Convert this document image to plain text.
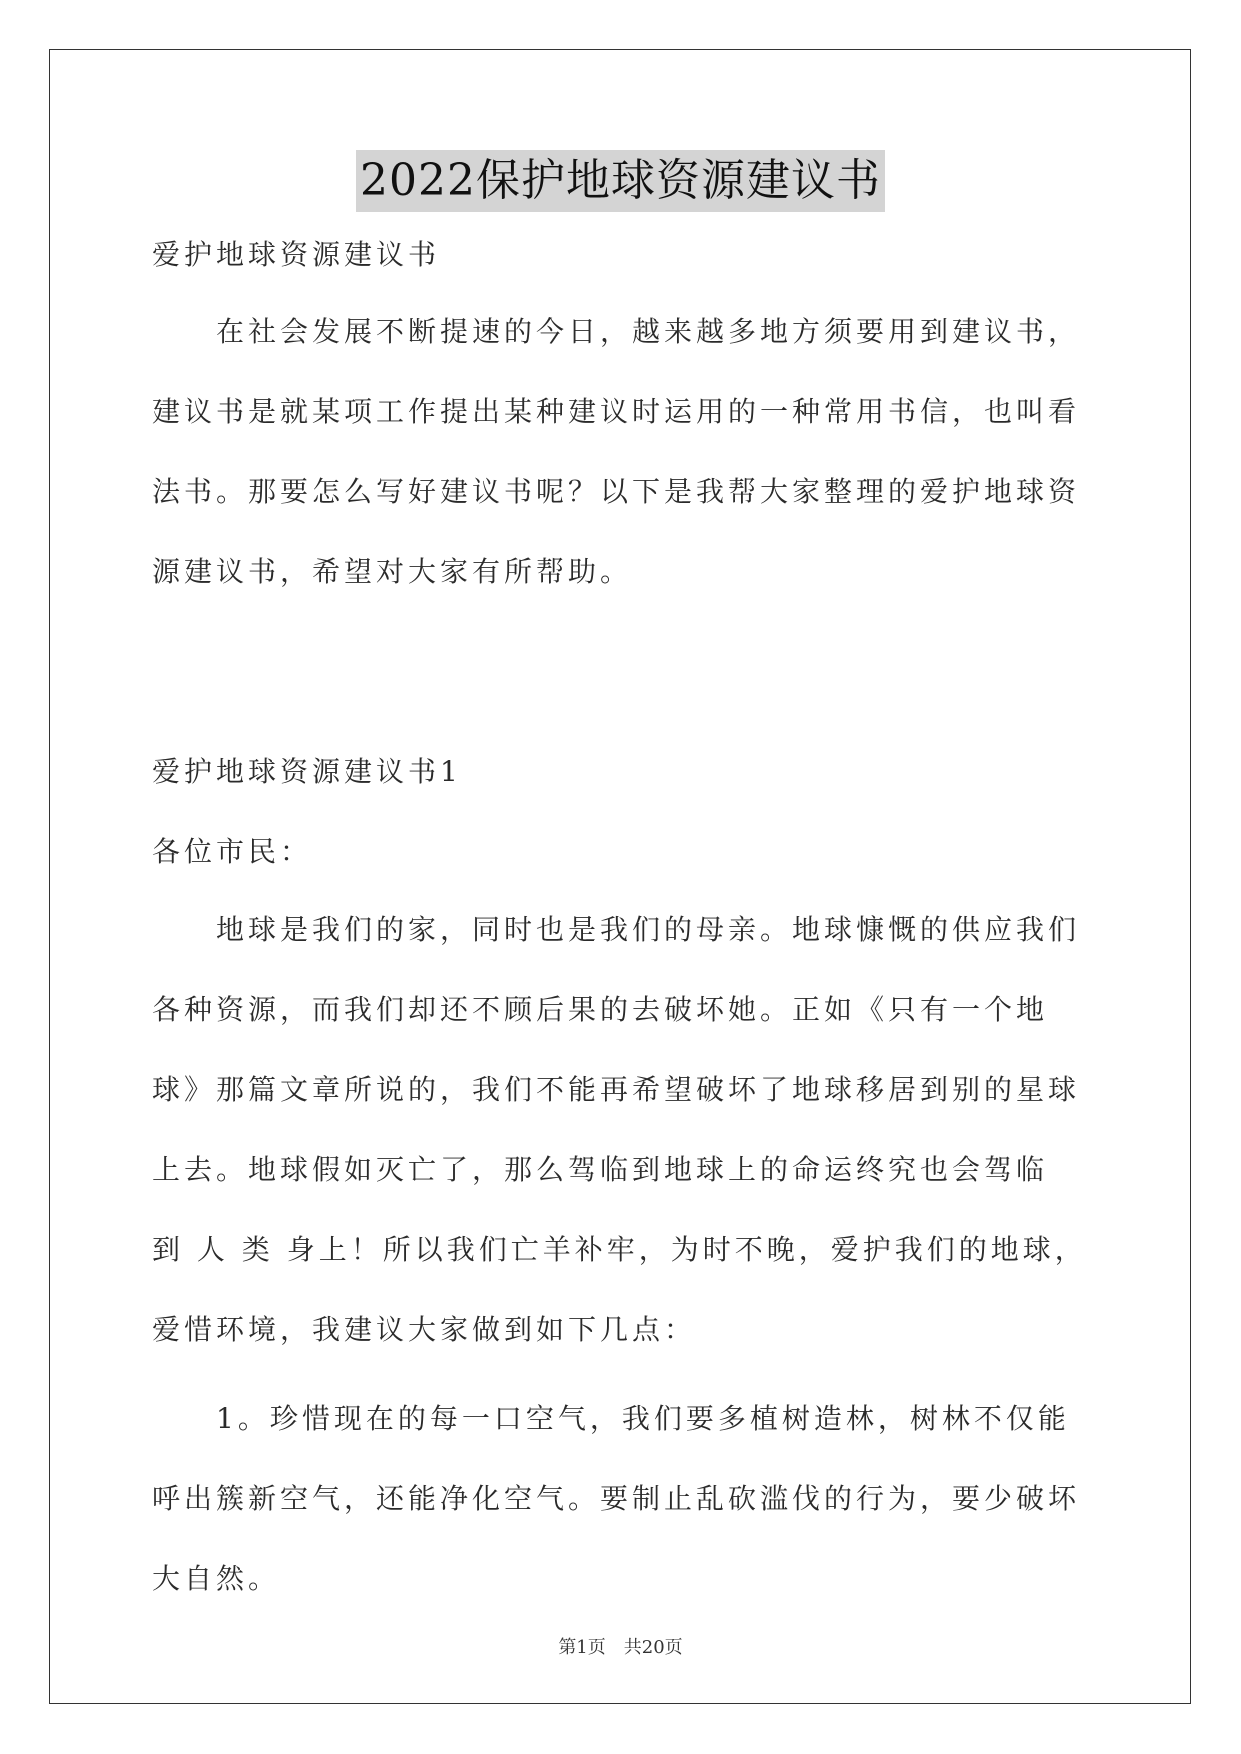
2022保护地球资源建议书

爱护地球资源建议书

在社会发展不断提速的今日，越来越多地方须要用到建议书，建议书是就某项工作提出某种建议时运用的一种常用书信，也叫看法书。那要怎么写好建议书呢？以下是我帮大家整理的爱护地球资源建议书，希望对大家有所帮助。

爱护地球资源建议书1

各位市民：

地球是我们的家，同时也是我们的母亲。地球慷慨的供应我们各种资源，而我们却还不顾后果的去破坏她。正如《只有一个地球》那篇文章所说的，我们不能再希望破坏了地球移居到别的星球上去。地球假如灭亡了，那么驾临到地球上的命运终究也会驾临　到 人 类 身上！所以我们亡羊补牢，为时不晚，爱护我们的地球，爱惜环境，我建议大家做到如下几点：

1。珍惜现在的每一口空气，我们要多植树造林，树林不仅能呼出簇新空气，还能净化空气。要制止乱砍滥伐的行为，要少破坏大自然。

第1页　共20页
